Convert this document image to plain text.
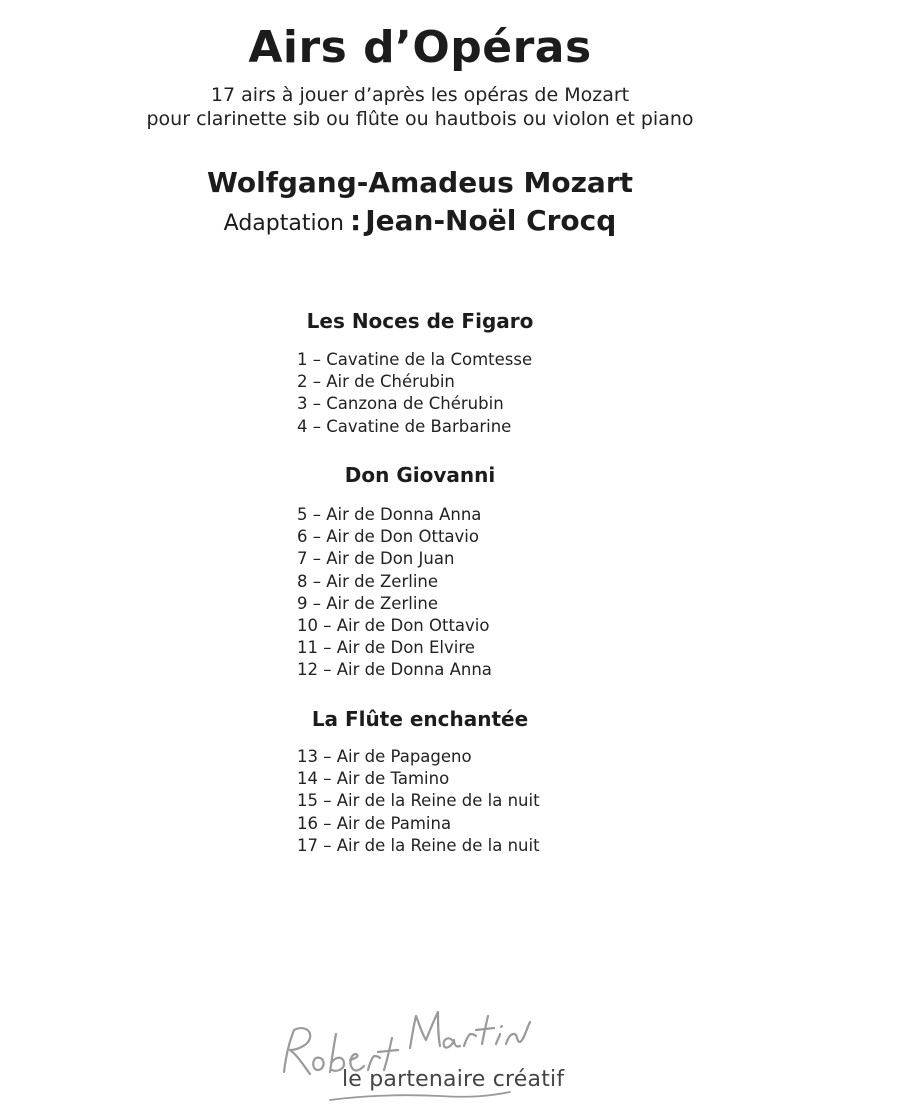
Airs d’Opéras
17 airs à jouer d’après les opéras de Mozart
pour clarinette sib ou flûte ou hautbois ou violon et piano
Wolfgang-Amadeus Mozart
Adaptation : Jean-Noël Crocq
Les Noces de Figaro
1 – Cavatine de la Comtesse
2 – Air de Chérubin
3 – Canzona de Chérubin
4 – Cavatine de Barbarine
Don Giovanni
5 – Air de Donna Anna
6 – Air de Don Ottavio
7 – Air de Don Juan
8 – Air de Zerline
9 – Air de Zerline
10 – Air de Don Ottavio
11 – Air de Don Elvire
12 – Air de Donna Anna
La Flûte enchantée
13 – Air de Papageno
14 – Air de Tamino
15 – Air de la Reine de la nuit
16 – Air de Pamina
17 – Air de la Reine de la nuit
le partenaire créatif
